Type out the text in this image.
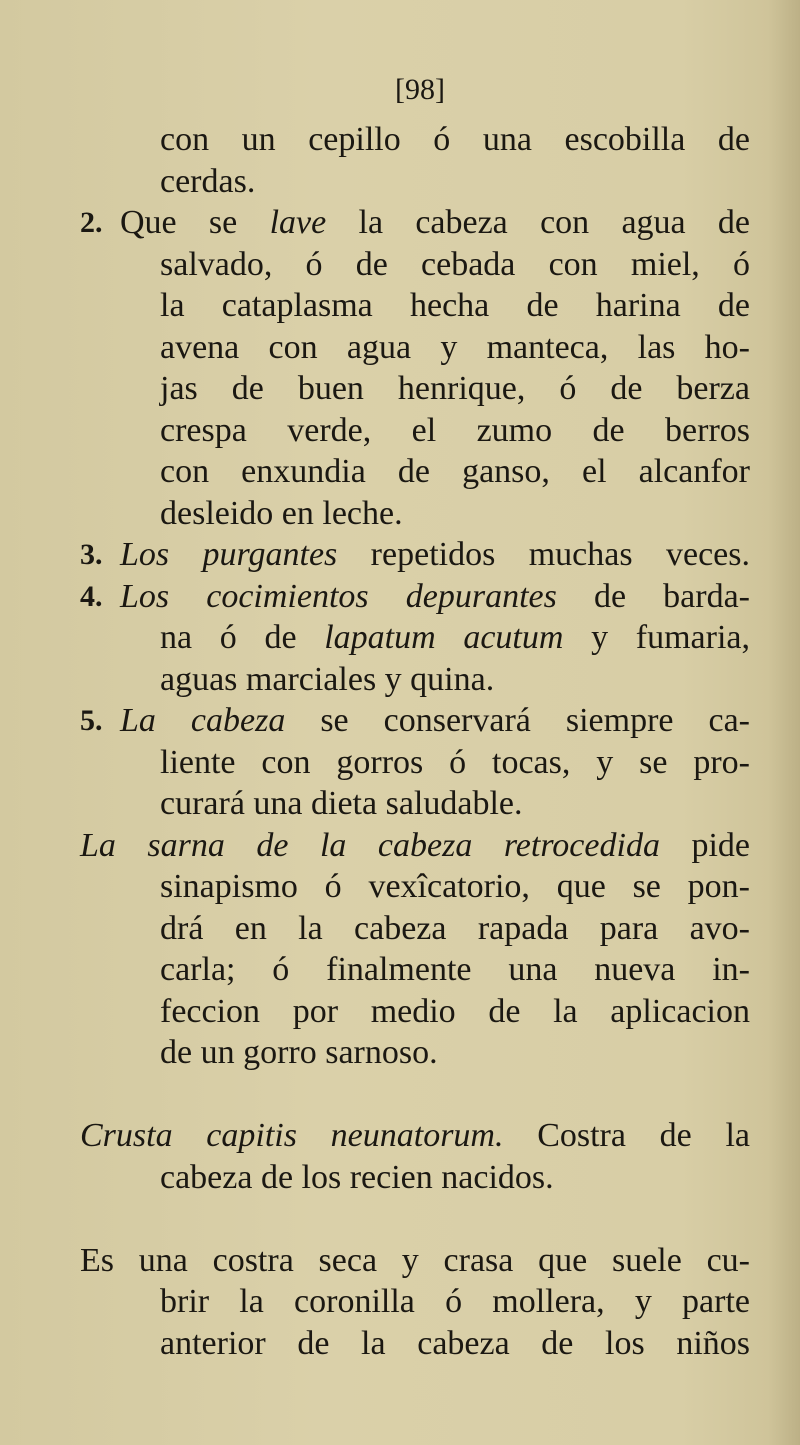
[98]
con un cepillo ó una escobilla de
cerdas.
2. Que se lave la cabeza con agua de
salvado, ó de cebada con miel, ó
la cataplasma hecha de harina de
avena con agua y manteca, las ho-
jas de buen henrique, ó de berza
crespa verde, el zumo de berros
con enxundia de ganso, el alcanfor
desleido en leche.
3. Los purgantes repetidos muchas veces.
4. Los cocimientos depurantes de barda-
na ó de lapatum acutum y fumaria,
aguas marciales y quina.
5. La cabeza se conservará siempre ca-
liente con gorros ó tocas, y se pro-
curará una dieta saludable.
La sarna de la cabeza retrocedida pide
sinapismo ó vexîcatorio, que se pon-
drá en la cabeza rapada para avo-
carla; ó finalmente una nueva in-
feccion por medio de la aplicacion
de un gorro sarnoso.
Crusta capitis neunatorum. Costra de la
cabeza de los recien nacidos.
Es una costra seca y crasa que suele cu-
brir la coronilla ó mollera, y parte
anterior de la cabeza de los niños
